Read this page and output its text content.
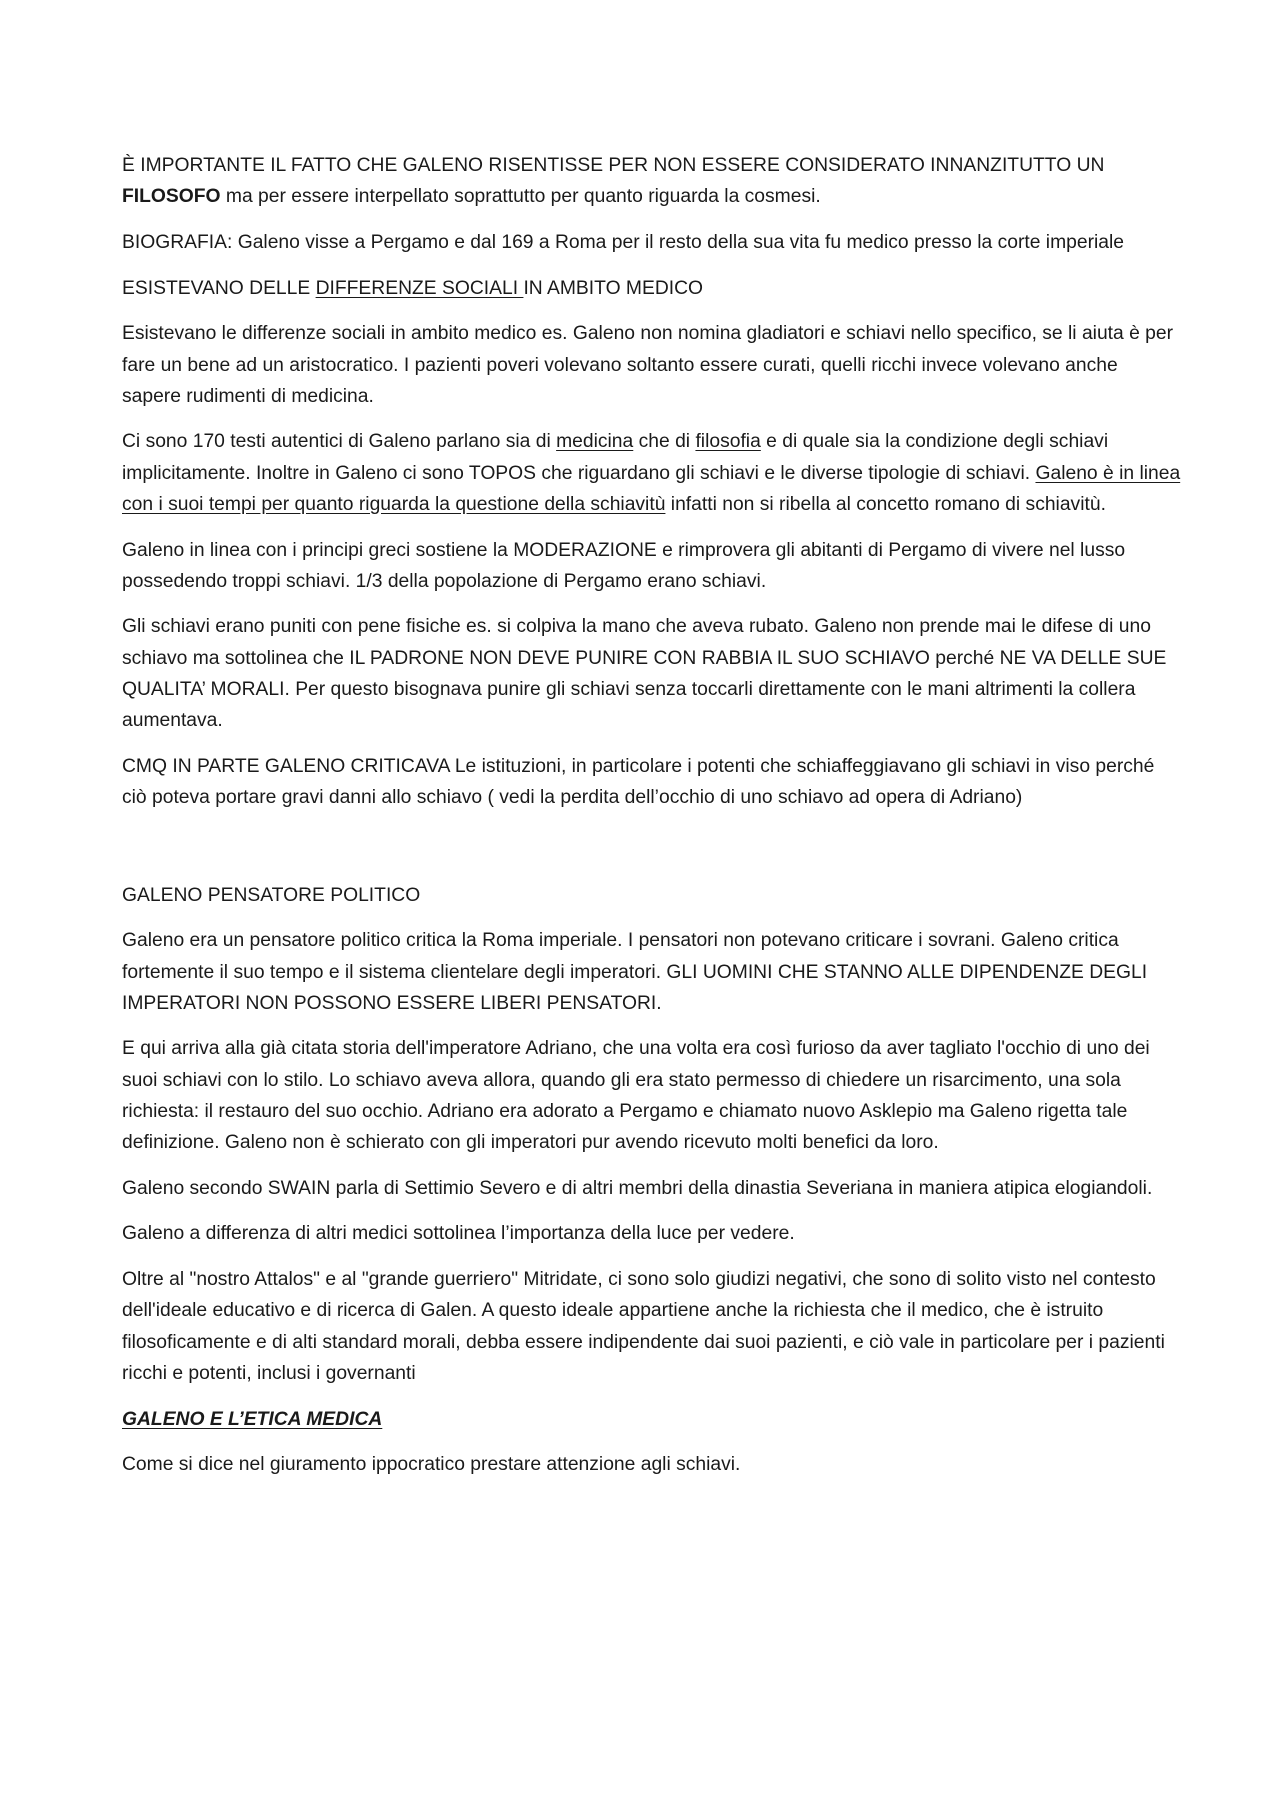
È IMPORTANTE IL FATTO CHE GALENO RISENTISSE PER NON ESSERE CONSIDERATO INNANZITUTTO UN FILOSOFO ma per essere interpellato soprattutto per quanto riguarda la cosmesi.

BIOGRAFIA: Galeno visse a Pergamo e dal 169 a Roma per il resto della sua vita fu medico presso la corte imperiale

ESISTEVANO DELLE DIFFERENZE SOCIALI IN AMBITO MEDICO

Esistevano le differenze sociali in ambito medico es. Galeno non nomina gladiatori e schiavi nello specifico, se li aiuta è per fare un bene ad un aristocratico. I pazienti poveri volevano soltanto essere curati, quelli ricchi invece volevano anche sapere rudimenti di medicina.

Ci sono 170 testi autentici di Galeno parlano sia di medicina che di filosofia e di quale sia la condizione degli schiavi implicitamente. Inoltre in Galeno ci sono TOPOS che riguardano gli schiavi e le diverse tipologie di schiavi. Galeno è in linea con i suoi tempi per quanto riguarda la questione della schiavitù infatti non si ribella al concetto romano di schiavitù.

Galeno in linea con i principi greci sostiene la MODERAZIONE e rimprovera gli abitanti di Pergamo di vivere nel lusso possedendo troppi schiavi. 1/3 della popolazione di Pergamo erano schiavi.

Gli schiavi erano puniti con pene fisiche es. si colpiva la mano che aveva rubato. Galeno non prende mai le difese di uno schiavo ma sottolinea che IL PADRONE NON DEVE PUNIRE CON RABBIA IL SUO SCHIAVO perché NE VA DELLE SUE QUALITA’ MORALI. Per questo bisognava punire gli schiavi senza toccarli direttamente con le mani altrimenti la collera aumentava.

CMQ IN PARTE GALENO CRITICAVA Le istituzioni, in particolare i potenti che schiaffeggiavano gli schiavi in viso perché ciò poteva portare gravi danni allo schiavo ( vedi la perdita dell’occhio di uno schiavo ad opera di Adriano)

GALENO PENSATORE POLITICO

Galeno era un pensatore politico critica la Roma imperiale. I pensatori non potevano criticare i sovrani. Galeno critica fortemente il suo tempo e il sistema clientelare degli imperatori. GLI UOMINI CHE STANNO ALLE DIPENDENZE DEGLI IMPERATORI NON POSSONO ESSERE LIBERI PENSATORI.

E qui arriva alla già citata storia dell'imperatore Adriano, che una volta era così furioso da aver tagliato l'occhio di uno dei suoi schiavi con lo stilo. Lo schiavo aveva allora, quando gli era stato permesso di chiedere un risarcimento, una sola richiesta: il restauro del suo occhio. Adriano era adorato a Pergamo e chiamato nuovo Asklepio ma Galeno rigetta tale definizione. Galeno non è schierato con gli imperatori pur avendo ricevuto molti benefici da loro.

Galeno secondo SWAIN parla di Settimio Severo e di altri membri della dinastia Severiana in maniera atipica elogiandoli.

Galeno a differenza di altri medici sottolinea l’importanza della luce per vedere.

Oltre al "nostro Attalos" e al "grande guerriero" Mitridate, ci sono solo giudizi negativi, che sono di solito visto nel contesto dell'ideale educativo e di ricerca di Galen. A questo ideale appartiene anche la richiesta che il medico, che è istruito filosoficamente e di alti standard morali, debba essere indipendente dai suoi pazienti, e ciò vale in particolare per i pazienti ricchi e potenti, inclusi i governanti

GALENO E L’ETICA MEDICA

Come si dice nel giuramento ippocratico prestare attenzione agli schiavi.
